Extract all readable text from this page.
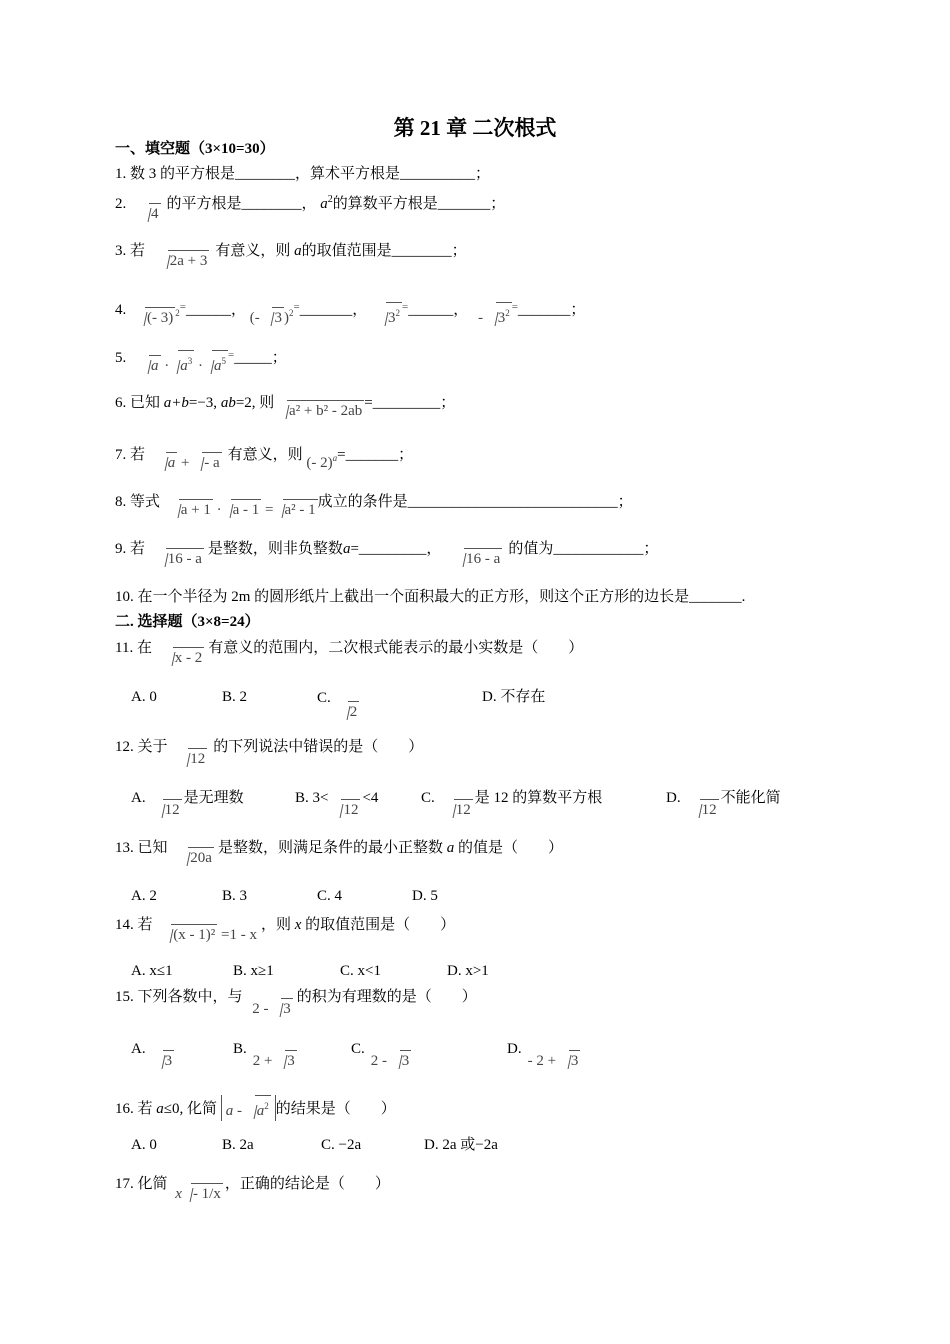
第 21 章 二次根式
一、填空题（3×10=30）
1. 数 3 的平方根是________，算术平方根是__________；
2. 4的平方根是________， $a^2$的算数平方根是_______；
3. 若 2a + 3有意义，则 a的取值范围是________；
4. (- 3) $^{2=}$______， (- 3 )$^{2=}$_______， $3^2$ =______， - $3^2$ =_______；
5. $a \cdot a^3 \cdot a^5$ =_____；
6. 已知 a+b=−3, ab=2, 则 a² + b² - 2ab =_________；
7. 若 a + - a 有意义，则 (- 2)$^a$=_______；
8. 等式 a + 1 · a - 1 = a² - 1 成立的条件是____________________________；
9. 若 16 - a是整数，则非负整数a=_________， 16 - a的值为____________；
10. 在一个半径为 2m 的圆形纸片上截出一个面积最大的正方形，则这个正方形的边长是_______.
二. 选择题（3×8=24）
11. 在 x - 2有意义的范围内，二次根式能表示的最小实数是（　　）
A. 0	B. 2	C.2
D. 不存在
12. 关于 12的下列说法中错误的是（　　）
A.12是无理数	B. 3<12<4	C.12是 12 的算数平方根	D.12不能化简
13. 已知 20a是整数，则满足条件的最小正整数 a 的值是（　　）
A. 2	B. 3	C. 4	D. 5
14. 若 (x - 1)² =1 - x，则 x 的取值范围是（　　）
A. x≤1	B. x≥1	C. x<1	D. x>1
15. 下列各数中，与 2 - 3的积为有理数的是（　　）
A.3
B.2 + 3
C.2 - 3
D.- 2 + 3
16. 若 a≤0, 化简 a - $a^2$ 的结果是（　　）
A. 0	B. 2a	C. −2a	D. 2a 或−2a
17. 化简 x - 1/x，正确的结论是（　　）
